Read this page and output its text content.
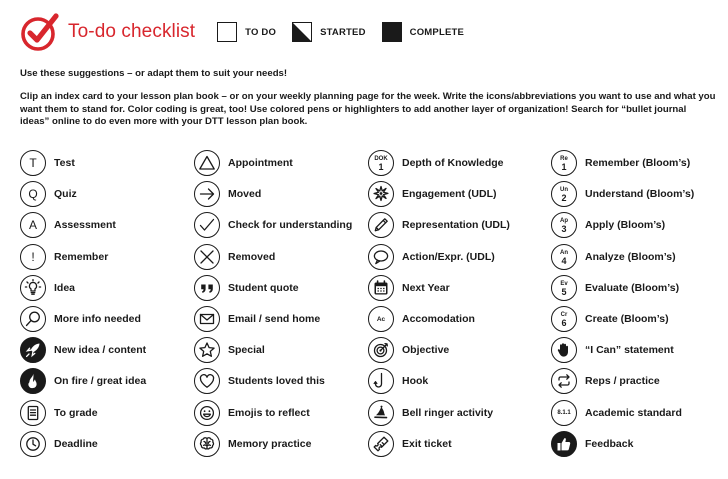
To-do checklist	TO DO	STARTED	COMPLETE
Use these suggestions – or adapt them to suit your needs!
Clip an index card to your lesson plan book – or on your weekly planning page for the week. Write the icons/abbreviations you want to use and what you want them to stand for. Color coding is great, too! Use colored pens or highlighters to add another layer of organization! Search for “bullet journal ideas” online to do even more with your DTT lesson plan book.
T Test
Q Quiz
A Assessment
! Remember
Idea
More info needed
New idea / content
On fire / great idea
To grade
Deadline
Appointment
Moved
Check for understanding
Removed
Student quote
Email / send home
Special
Students loved this
Emojis to reflect
Memory practice
DOK
1 Depth of Knowledge
Engagement (UDL)
Representation (UDL)
Action/Expr. (UDL)
Next Year
Ac Accomodation
Objective
Hook
Bell ringer activity
Exit ticket
Re
1 Remember (Bloom’s)
Un
2 Understand (Bloom’s)
Ap
3 Apply (Bloom’s)
An
4 Analyze (Bloom’s)
Ev
5 Evaluate (Bloom’s)
Cr
6 Create (Bloom’s)
“I Can” statement
Reps / practice
8.1.1 Academic standard
Feedback
